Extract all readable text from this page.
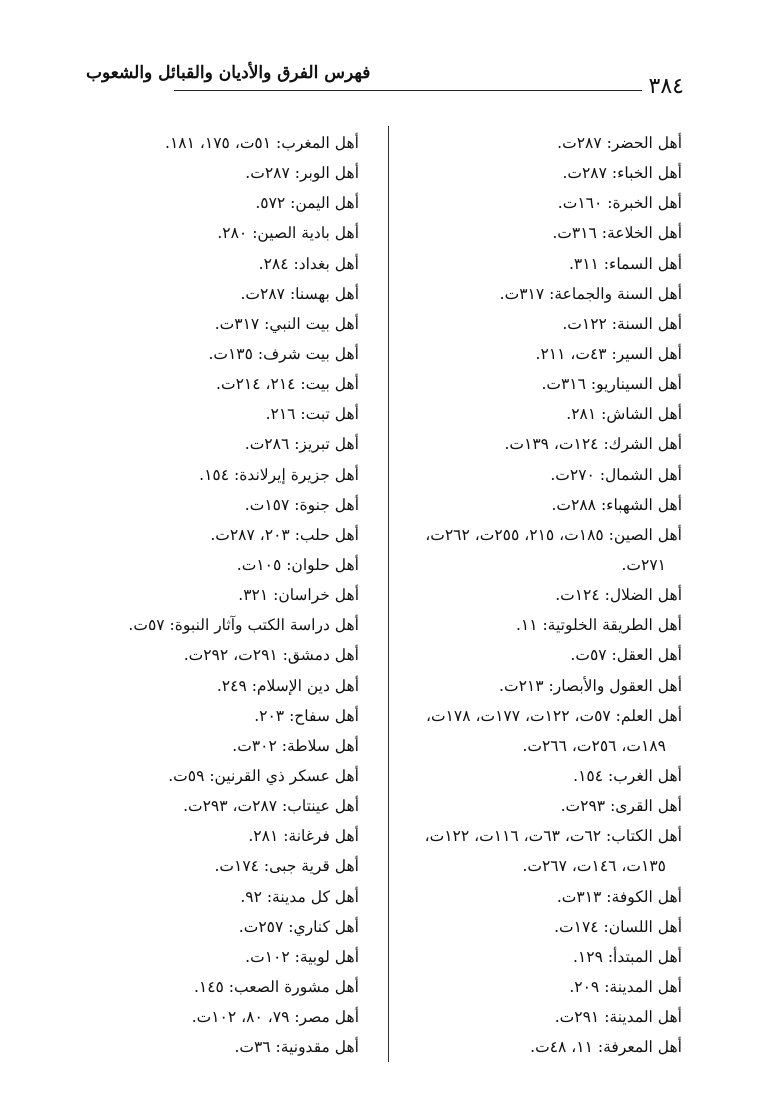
٣٨٤
فهرس الفرق والأديان والقبائل والشعوب
أهل الحضر: ٢٨٧ت.
أهل الخباء: ٢٨٧ت.
أهل الخبرة: ١٦٠ت.
أهل الخلاعة: ٣١٦ت.
أهل السماء: ٣١١.
أهل السنة والجماعة: ٣١٧ت.
أهل السنة: ١٢٢ت.
أهل السير: ٤٣ت، ٢١١.
أهل السيناريو: ٣١٦ت.
أهل الشاش: ٢٨١.
أهل الشرك: ١٢٤ت، ١٣٩ت.
أهل الشمال: ٢٧٠ت.
أهل الشهباء: ٢٨٨ت.
أهل الصين: ١٨٥ت، ٢١٥، ٢٥٥ت، ٢٦٢ت،
٢٧١ت.
أهل الضلال: ١٢٤ت.
أهل الطريقة الخلوتية: ١١.
أهل العقل: ٥٧ت.
أهل العقول والأبصار: ٢١٣ت.
أهل العلم: ٥٧ت، ١٢٢ت، ١٧٧ت، ١٧٨ت،
١٨٩ت، ٢٥٦ت، ٢٦٦ت.
أهل الغرب: ١٥٤.
أهل القرى: ٢٩٣ت.
أهل الكتاب: ٦٢ت، ٦٣ت، ١١٦ت، ١٢٢ت،
١٣٥ت، ١٤٦ت، ٢٦٧ت.
أهل الكوفة: ٣١٣ت.
أهل اللسان: ١٧٤ت.
أهل المبتدأ: ١٢٩.
أهل المدينة: ٢٠٩.
أهل المدينة: ٢٩١ت.
أهل المعرفة: ١١، ٤٨ت.
أهل المغرب: ٥١ت، ١٧٥، ١٨١.
أهل الوبر: ٢٨٧ت.
أهل اليمن: ٥٧٢.
أهل بادية الصين: ٢٨٠.
أهل بغداد: ٢٨٤.
أهل بهسنا: ٢٨٧ت.
أهل بيت النبي: ٣١٧ت.
أهل بيت شرف: ١٣٥ت.
أهل بيت: ٢١٤، ٢١٤ت.
أهل تبت: ٢١٦.
أهل تبريز: ٢٨٦ت.
أهل جزيرة إيرلاندة: ١٥٤.
أهل جنوة: ١٥٧ت.
أهل حلب: ٢٠٣، ٢٨٧ت.
أهل حلوان: ١٠٥ت.
أهل خراسان: ٣٢١.
أهل دراسة الكتب وآثار النبوة: ٥٧ت.
أهل دمشق: ٢٩١ت، ٢٩٢ت.
أهل دين الإسلام: ٢٤٩.
أهل سفاح: ٢٠٣.
أهل سلاطة: ٣٠٢ت.
أهل عسكر ذي القرنين: ٥٩ت.
أهل عينتاب: ٢٨٧ت، ٢٩٣ت.
أهل فرغانة: ٢٨١.
أهل قرية جبى: ١٧٤ت.
أهل كل مدينة: ٩٢.
أهل كناري: ٢٥٧ت.
أهل لوبية: ١٠٢ت.
أهل مشورة الصعب: ١٤٥.
أهل مصر: ٧٩، ٨٠، ١٠٢ت.
أهل مقدونية: ٣٦ت.
